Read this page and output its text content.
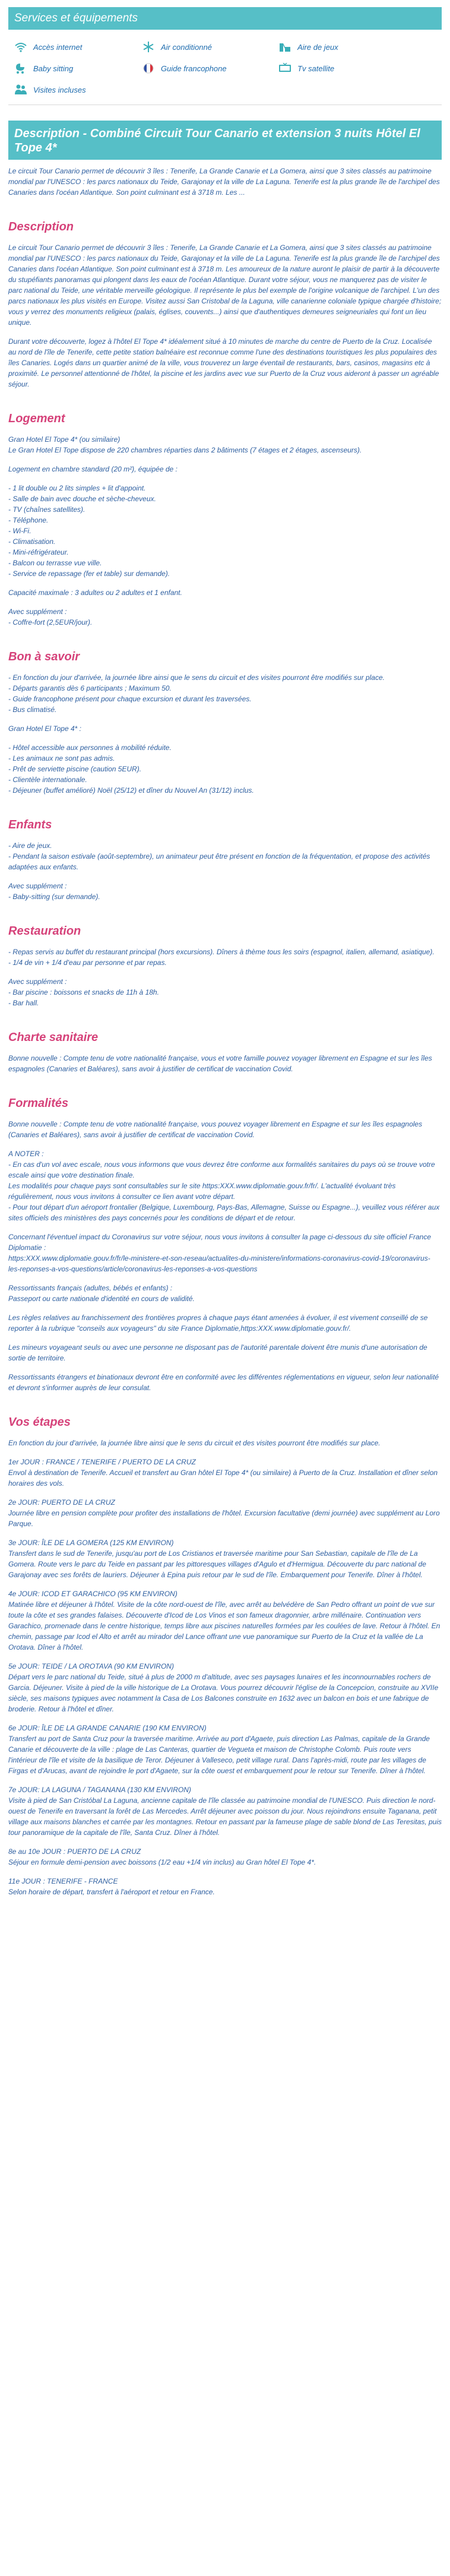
Services et équipements
Accès internet	Air conditionné	Aire de jeux
Baby sitting	Guide francophone	Tv satellite
Visites incluses
Description - Combiné Circuit Tour Canario et extension 3 nuits Hôtel El Tope 4*

Le circuit Tour Canario permet de découvrir 3 îles : Tenerife, La Grande Canarie et La Gomera, ainsi que 3 sites classés au patrimoine mondial par l'UNESCO : les parcs nationaux du Teide, Garajonay et la ville de La Laguna. Tenerife est la plus grande île de l'archipel des Canaries dans l'océan Atlantique. Son point culminant est à 3718 m. Les ...

Description

Le circuit Tour Canario permet de découvrir 3 îles : Tenerife, La Grande Canarie et La Gomera, ainsi que 3 sites classés au patrimoine mondial par l'UNESCO : les parcs nationaux du Teide, Garajonay et la ville de La Laguna. Tenerife est la plus grande île de l'archipel des Canaries dans l'océan Atlantique. Son point culminant est à 3718 m. Les amoureux de la nature auront le plaisir de partir à la découverte du stupéfiants panoramas qui plongent dans les eaux de l'océan Atlantique. Durant votre séjour, vous ne manquerez pas de visiter le parc national du Teide, une véritable merveille géologique. Il représente le plus bel exemple de l'origine volcanique de l'archipel. L'un des parcs nationaux les plus visités en Europe. Visitez aussi San Cristobal de la Laguna, ville canarienne coloniale typique chargée d'histoire; vous y verrez des monuments religieux (palais, églises, couvents...) ainsi que d'authentiques demeures seigneuriales qui font un lieu unique.

Durant votre découverte, logez à l'hôtel El Tope 4* idéalement situé à 10 minutes de marche du centre de Puerto de la Cruz. Localisée au nord de l'île de Tenerife, cette petite station balnéaire est reconnue comme l'une des destinations touristiques les plus populaires des îles Canaries. Logés dans un quartier animé de la ville, vous trouverez un large éventail de restaurants, bars, casinos, magasins etc à proximité. Le personnel attentionné de l'hôtel, la piscine et les jardins avec vue sur Puerto de la Cruz vous aideront à passer un agréable séjour.

Logement

Gran Hotel El Tope 4* (ou similaire)
Le Gran Hotel El Tope dispose de 220 chambres réparties dans 2 bâtiments (7 étages et 2 étages, ascenseurs).

Logement en chambre standard (20 m²), équipée de :

- 1 lit double ou 2 lits simples + lit d'appoint.
- Salle de bain avec douche et sèche-cheveux.
- TV (chaînes satellites).
- Téléphone.
- Wi-Fi.
- Climatisation.
- Mini-réfrigérateur.
- Balcon ou terrasse vue ville.
- Service de repassage (fer et table) sur demande).

Capacité maximale : 3 adultes ou 2 adultes et 1 enfant.

Avec supplément :
- Coffre-fort (2,5EUR/jour).

Bon à savoir

- En fonction du jour d'arrivée, la journée libre ainsi que le sens du circuit et des visites pourront être modifiés sur place.
- Départs garantis dès 6 participants ; Maximum 50.
- Guide francophone présent pour chaque excursion et durant les traversées.
- Bus climatisé.

Gran Hotel El Tope 4* :

- Hôtel accessible aux personnes à mobilité réduite.
- Les animaux ne sont pas admis.
- Prêt de serviette piscine (caution 5EUR).
- Clientèle internationale.
- Déjeuner (buffet amélioré) Noël (25/12) et dîner du Nouvel An (31/12) inclus.

Enfants

- Aire de jeux.
- Pendant la saison estivale (août-septembre), un animateur peut être présent en fonction de la fréquentation, et propose des activités adaptées aux enfants.

Avec supplément :
- Baby-sitting (sur demande).

Restauration

- Repas servis au buffet du restaurant principal (hors excursions). Dîners à thème tous les soirs (espagnol, italien, allemand, asiatique).
- 1/4 de vin + 1/4 d'eau par personne et par repas.

Avec supplément :
- Bar piscine : boissons et snacks de 11h à 18h.
- Bar hall.

Charte sanitaire

Bonne nouvelle : Compte tenu de votre nationalité française, vous et votre famille pouvez voyager librement en Espagne et sur les îles espagnoles (Canaries et Baléares), sans avoir à justifier de certificat de vaccination Covid.

Formalités

Bonne nouvelle : Compte tenu de votre nationalité française, vous pouvez voyager librement en Espagne et sur les îles espagnoles (Canaries et Baléares), sans avoir à justifier de certificat de vaccination Covid.

A NOTER :
- En cas d'un vol avec escale, nous vous informons que vous devrez être conforme aux formalités sanitaires du pays où se trouve votre escale ainsi que votre destination finale.
Les modalités pour chaque pays sont consultables sur le site https:XXX.www.diplomatie.gouv.fr/fr/. L'actualité évoluant très régulièrement, nous vous invitons à consulter ce lien avant votre départ.
- Pour tout départ d'un aéroport frontalier (Belgique, Luxembourg, Pays-Bas, Allemagne, Suisse ou Espagne...), veuillez vous référer aux sites officiels des ministères des pays concernés pour les conditions de départ et de retour.

Concernant l'éventuel impact du Coronavirus sur votre séjour, nous vous invitons à consulter la page ci-dessous du site officiel France Diplomatie :
https:XXX.www.diplomatie.gouv.fr/fr/le-ministere-et-son-reseau/actualites-du-ministere/informations-coronavirus-covid-19/coronavirus-les-reponses-a-vos-questions/article/coronavirus-les-reponses-a-vos-questions

Ressortissants français (adultes, bébés et enfants) :
Passeport ou carte nationale d'identité en cours de validité.

Les règles relatives au franchissement des frontières propres à chaque pays étant amenées à évoluer, il est vivement conseillé de se reporter à la rubrique "conseils aux voyageurs" du site France Diplomatie,https:XXX.www.diplomatie.gouv.fr/.

Les mineurs voyageant seuls ou avec une personne ne disposant pas de l'autorité parentale doivent être munis d'une autorisation de sortie de territoire.

Ressortissants étrangers et binationaux devront être en conformité avec les différentes réglementations en vigueur, selon leur nationalité et devront s'informer auprès de leur consulat.

Vos étapes

En fonction du jour d'arrivée, la journée libre ainsi que le sens du circuit et des visites pourront être modifiés sur place.

1er JOUR : FRANCE / TENERIFE / PUERTO DE LA CRUZ
Envol à destination de Tenerife. Accueil et transfert au Gran hôtel El Tope 4* (ou similaire) à Puerto de la Cruz. Installation et dîner selon horaires des vols.

2e JOUR: PUERTO DE LA CRUZ
Journée libre en pension complète pour profiter des installations de l'hôtel. Excursion facultative (demi journée) avec supplément au Loro Parque.

3e JOUR: ÎLE DE LA GOMERA (125 KM ENVIRON)
Transfert dans le sud de Tenerife, jusqu'au port de Los Cristianos et traversée maritime pour San Sebastian, capitale de l'île de La Gomera. Route vers le parc du Teide en passant par les pittoresques villages d'Agulo et d'Hermigua. Découverte du parc national de Garajonay avec ses forêts de lauriers. Déjeuner à Epina puis retour par le sud de l'île. Embarquement pour Tenerife. Dîner à l'hôtel.

4e JOUR: ICOD ET GARACHICO (95 KM ENVIRON)
Matinée libre et déjeuner à l'hôtel. Visite de la côte nord-ouest de l'île, avec arrêt au belvédère de San Pedro offrant un point de vue sur toute la côte et ses grandes falaises. Découverte d'Icod de Los Vinos et son fameux dragonnier, arbre millénaire. Continuation vers Garachico, promenade dans le centre historique, temps libre aux piscines naturelles formées par les coulées de lave. Retour à l'hôtel. En chemin, passage par Icod el Alto et arrêt au mirador del Lance offrant une vue panoramique sur Puerto de la Cruz et la vallée de La Orotava. Dîner à l'hôtel.

5e JOUR: TEIDE / LA OROTAVA (90 KM ENVIRON)
Départ vers le parc national du Teide, situé à plus de 2000 m d'altitude, avec ses paysages lunaires et les inconnournables rochers de Garcia. Déjeuner. Visite à pied de la ville historique de La Orotava. Vous pourrez découvrir l'église de la Concepcion, construite au XVIIe siècle, ses maisons typiques avec notamment la Casa de Los Balcones construite en 1632 avec un balcon en bois et une fabrique de broderie. Retour à l'hôtel et dîner.

6e JOUR: ÎLE DE LA GRANDE CANARIE (190 KM ENVIRON)
Transfert au port de Santa Cruz pour la traversée maritime. Arrivée au port d'Agaete, puis direction Las Palmas, capitale de la Grande Canarie et découverte de la ville : plage de Las Canteras, quartier de Vegueta et maison de Christophe Colomb. Puis route vers l'intérieur de l'île et visite de la basilique de Teror. Déjeuner à Valleseco, petit village rural. Dans l'après-midi, route par les villages de Firgas et d'Arucas, avant de rejoindre le port d'Agaete, sur la côte ouest et embarquement pour le retour sur Tenerife. Dîner à l'hôtel.

7e JOUR: LA LAGUNA / TAGANANA (130 KM ENVIRON)
Visite à pied de San Cristóbal La Laguna, ancienne capitale de l'île classée au patrimoine mondial de l'UNESCO. Puis direction le nord-ouest de Tenerife en traversant la forêt de Las Mercedes. Arrêt déjeuner avec poisson du jour. Nous rejoindrons ensuite Taganana, petit village aux maisons blanches et carrée par les montagnes. Retour en passant par la fameuse plage de sable blond de Las Teresitas, puis tour panoramique de la capitale de l'île, Santa Cruz. Dîner à l'hôtel.

8e au 10e JOUR : PUERTO DE LA CRUZ
Séjour en formule demi-pension avec boissons (1/2 eau +1/4 vin inclus) au Gran hôtel El Tope 4*.

11e JOUR : TENERIFE - FRANCE
Selon horaire de départ, transfert à l'aéroport et retour en France.
